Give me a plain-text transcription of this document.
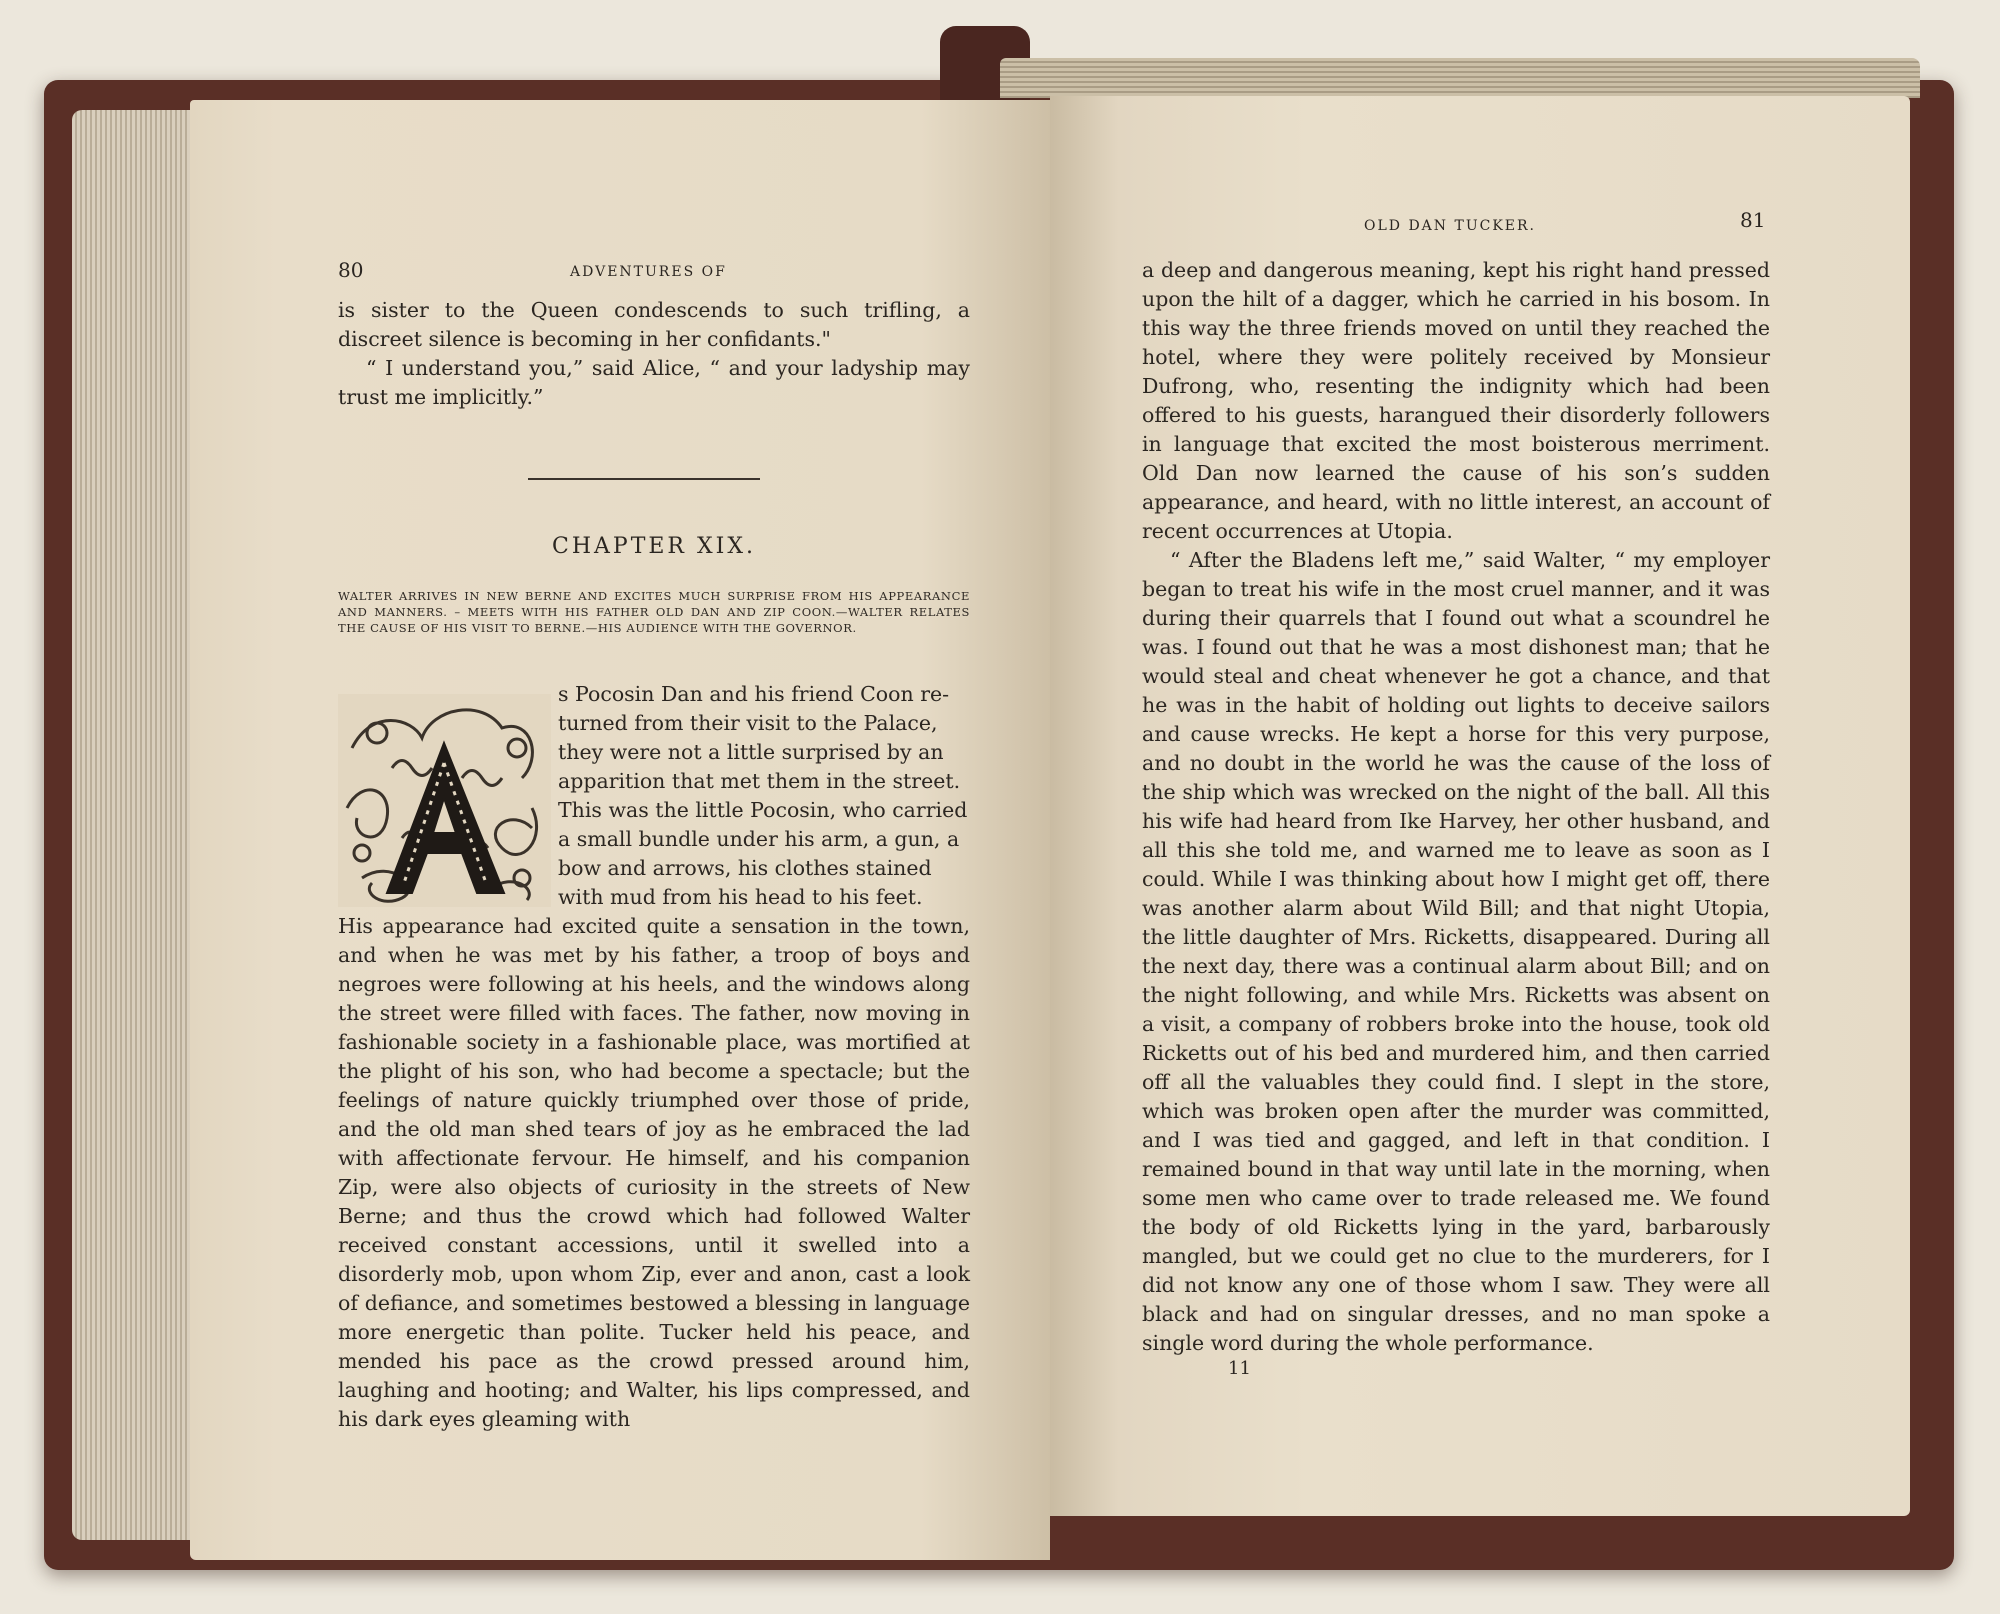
80	ADVENTURES OF

is sister to the Queen condescends to such trifling, a discreet silence is becoming in her confidants."

“ I understand you,” said Alice, “ and your ladyship may trust me implicitly.”

CHAPTER XIX.
WALTER ARRIVES IN NEW BERNE AND EXCITES MUCH SURPRISE FROM HIS APPEARANCE AND MANNERS. – MEETS WITH HIS FATHER OLD DAN AND ZIP COON.—WALTER RELATES THE CAUSE OF HIS VISIT TO BERNE.—HIS AUDIENCE WITH THE GOVERNOR.
s Pocosin Dan and his friend Coon re-
turned from their visit to the Palace,
they were not a little surprised by an
apparition that met them in the street.
This was the little Pocosin, who carried
a small bundle under his arm, a gun, a
bow and arrows, his clothes stained
with mud from his head to his feet.
His appearance had excited quite a sensation in the town, and when he was met by his father, a troop of boys and negroes were following at his heels, and the windows along the street were filled with faces. The father, now moving in fashionable society in a fashionable place, was mortified at the plight of his son, who had become a spectacle; but the feelings of nature quickly triumphed over those of pride, and the old man shed tears of joy as he embraced the lad with affectionate fervour. He himself, and his companion Zip, were also objects of curiosity in the streets of New Berne; and thus the crowd which had followed Walter received constant accessions, until it swelled into a disorderly mob, upon whom Zip, ever and anon, cast a look of defiance, and sometimes bestowed a blessing in language more energetic than polite. Tucker held his peace, and mended his pace as the crowd pressed around him, laughing and hooting; and Walter, his lips compressed, and his dark eyes gleaming with
OLD DAN TUCKER.	81

a deep and dangerous meaning, kept his right hand pressed upon the hilt of a dagger, which he carried in his bosom. In this way the three friends moved on until they reached the hotel, where they were politely received by Monsieur Dufrong, who, resenting the indignity which had been offered to his guests, harangued their disorderly followers in language that excited the most boisterous merriment. Old Dan now learned the cause of his son’s sudden appearance, and heard, with no little interest, an account of recent occurrences at Utopia.

“ After the Bladens left me,” said Walter, “ my employer began to treat his wife in the most cruel manner, and it was during their quarrels that I found out what a scoundrel he was. I found out that he was a most dishonest man; that he would steal and cheat whenever he got a chance, and that he was in the habit of holding out lights to deceive sailors and cause wrecks. He kept a horse for this very purpose, and no doubt in the world he was the cause of the loss of the ship which was wrecked on the night of the ball. All this his wife had heard from Ike Harvey, her other husband, and all this she told me, and warned me to leave as soon as I could. While I was thinking about how I might get off, there was another alarm about Wild Bill; and that night Utopia, the little daughter of Mrs. Ricketts, disappeared. During all the next day, there was a continual alarm about Bill; and on the night following, and while Mrs. Ricketts was absent on a visit, a company of robbers broke into the house, took old Ricketts out of his bed and murdered him, and then carried off all the valuables they could find. I slept in the store, which was broken open after the murder was committed, and I was tied and gagged, and left in that condition. I remained bound in that way until late in the morning, when some men who came over to trade released me. We found the body of old Ricketts lying in the yard, barbarously mangled, but we could get no clue to the murderers, for I did not know any one of those whom I saw. They were all black and had on singular dresses, and no man spoke a single word during the whole performance.

11
